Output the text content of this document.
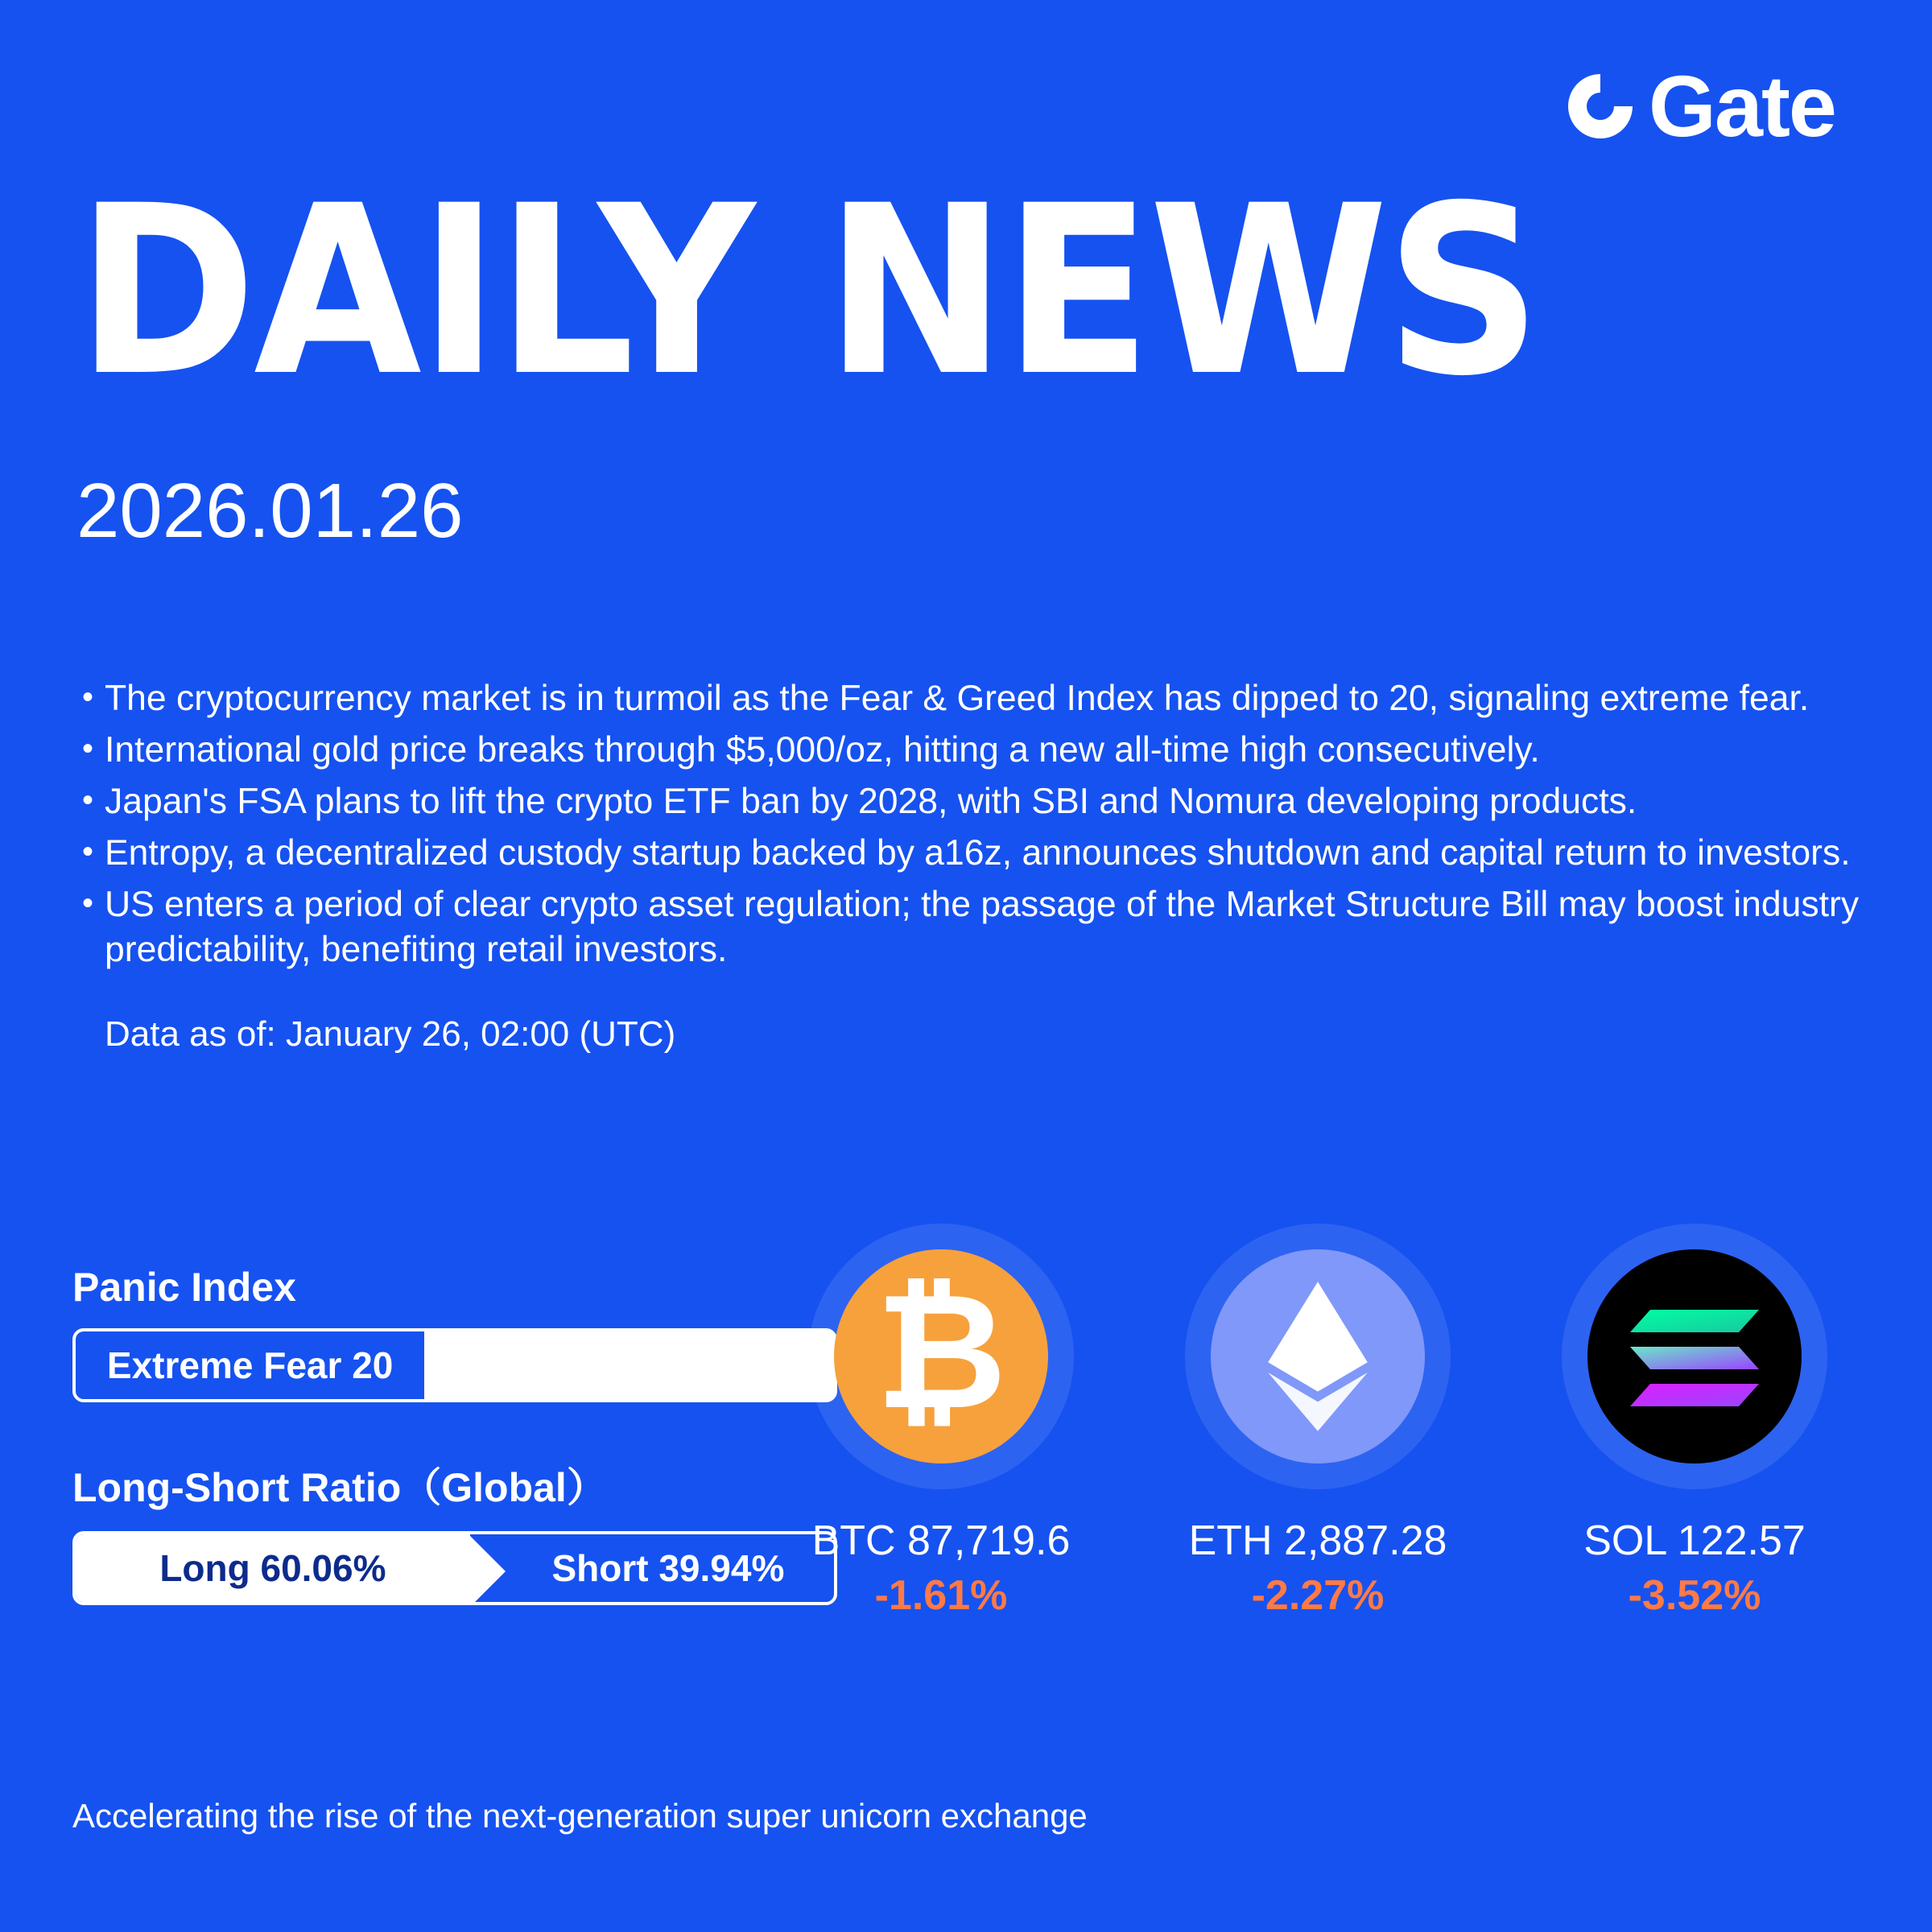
Gate
DAILY NEWS
2026.01.26
• The cryptocurrency market is in turmoil as the Fear & Greed Index has dipped to 20, signaling extreme fear.
• International gold price breaks through $5,000/oz, hitting a new all-time high consecutively.
• Japan's FSA plans to lift the crypto ETF ban by 2028, with SBI and Nomura developing products.
• Entropy, a decentralized custody startup backed by a16z, announces shutdown and capital return to investors.
• US enters a period of clear crypto asset regulation; the passage of the Market Structure Bill may boost industry predictability, benefiting retail investors.
Data as of: January 26, 02:00 (UTC)
Panic Index
Extreme Fear 20
Long-Short Ratio（Global）
Long 60.06%	Short 39.94%
₿
BTC 87,719.6
-1.61%
ETH 2,887.28
-2.27%
SOL 122.57
-3.52%
Accelerating the rise of the next-generation super unicorn exchange
